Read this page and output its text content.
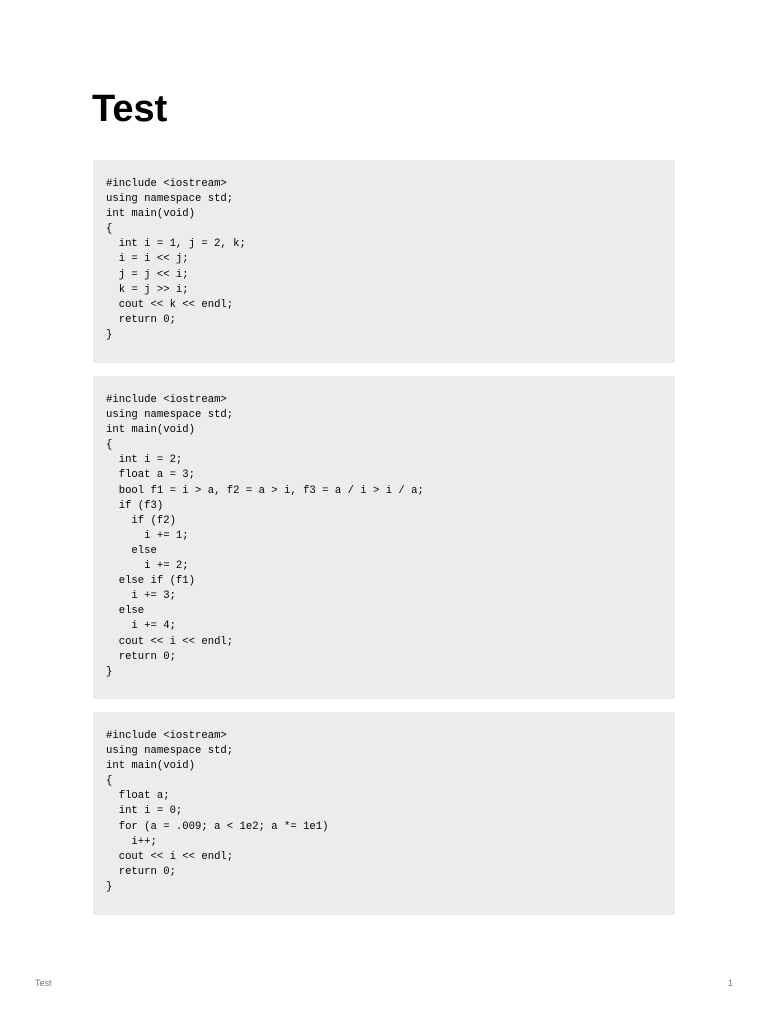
Test
#include <iostream>
using namespace std;
int main(void)
{
int i = 1, j = 2, k;
i = i << j;
j = j << i;
k = j >> i;
cout << k << endl;
return 0;
}
#include <iostream>
using namespace std;
int main(void)
{
int i = 2;
float a = 3;
bool f1 = i > a, f2 = a > i, f3 = a / i > i / a;
if (f3)
if (f2)
i += 1;
else
i += 2;
else if (f1)
i += 3;
else
i += 4;
cout << i << endl;
return 0;
}
#include <iostream>
using namespace std;
int main(void)
{
float a;
int i = 0;
for (a = .009; a < 1e2; a *= 1e1)
i++;
cout << i << endl;
return 0;
}
Test	1
